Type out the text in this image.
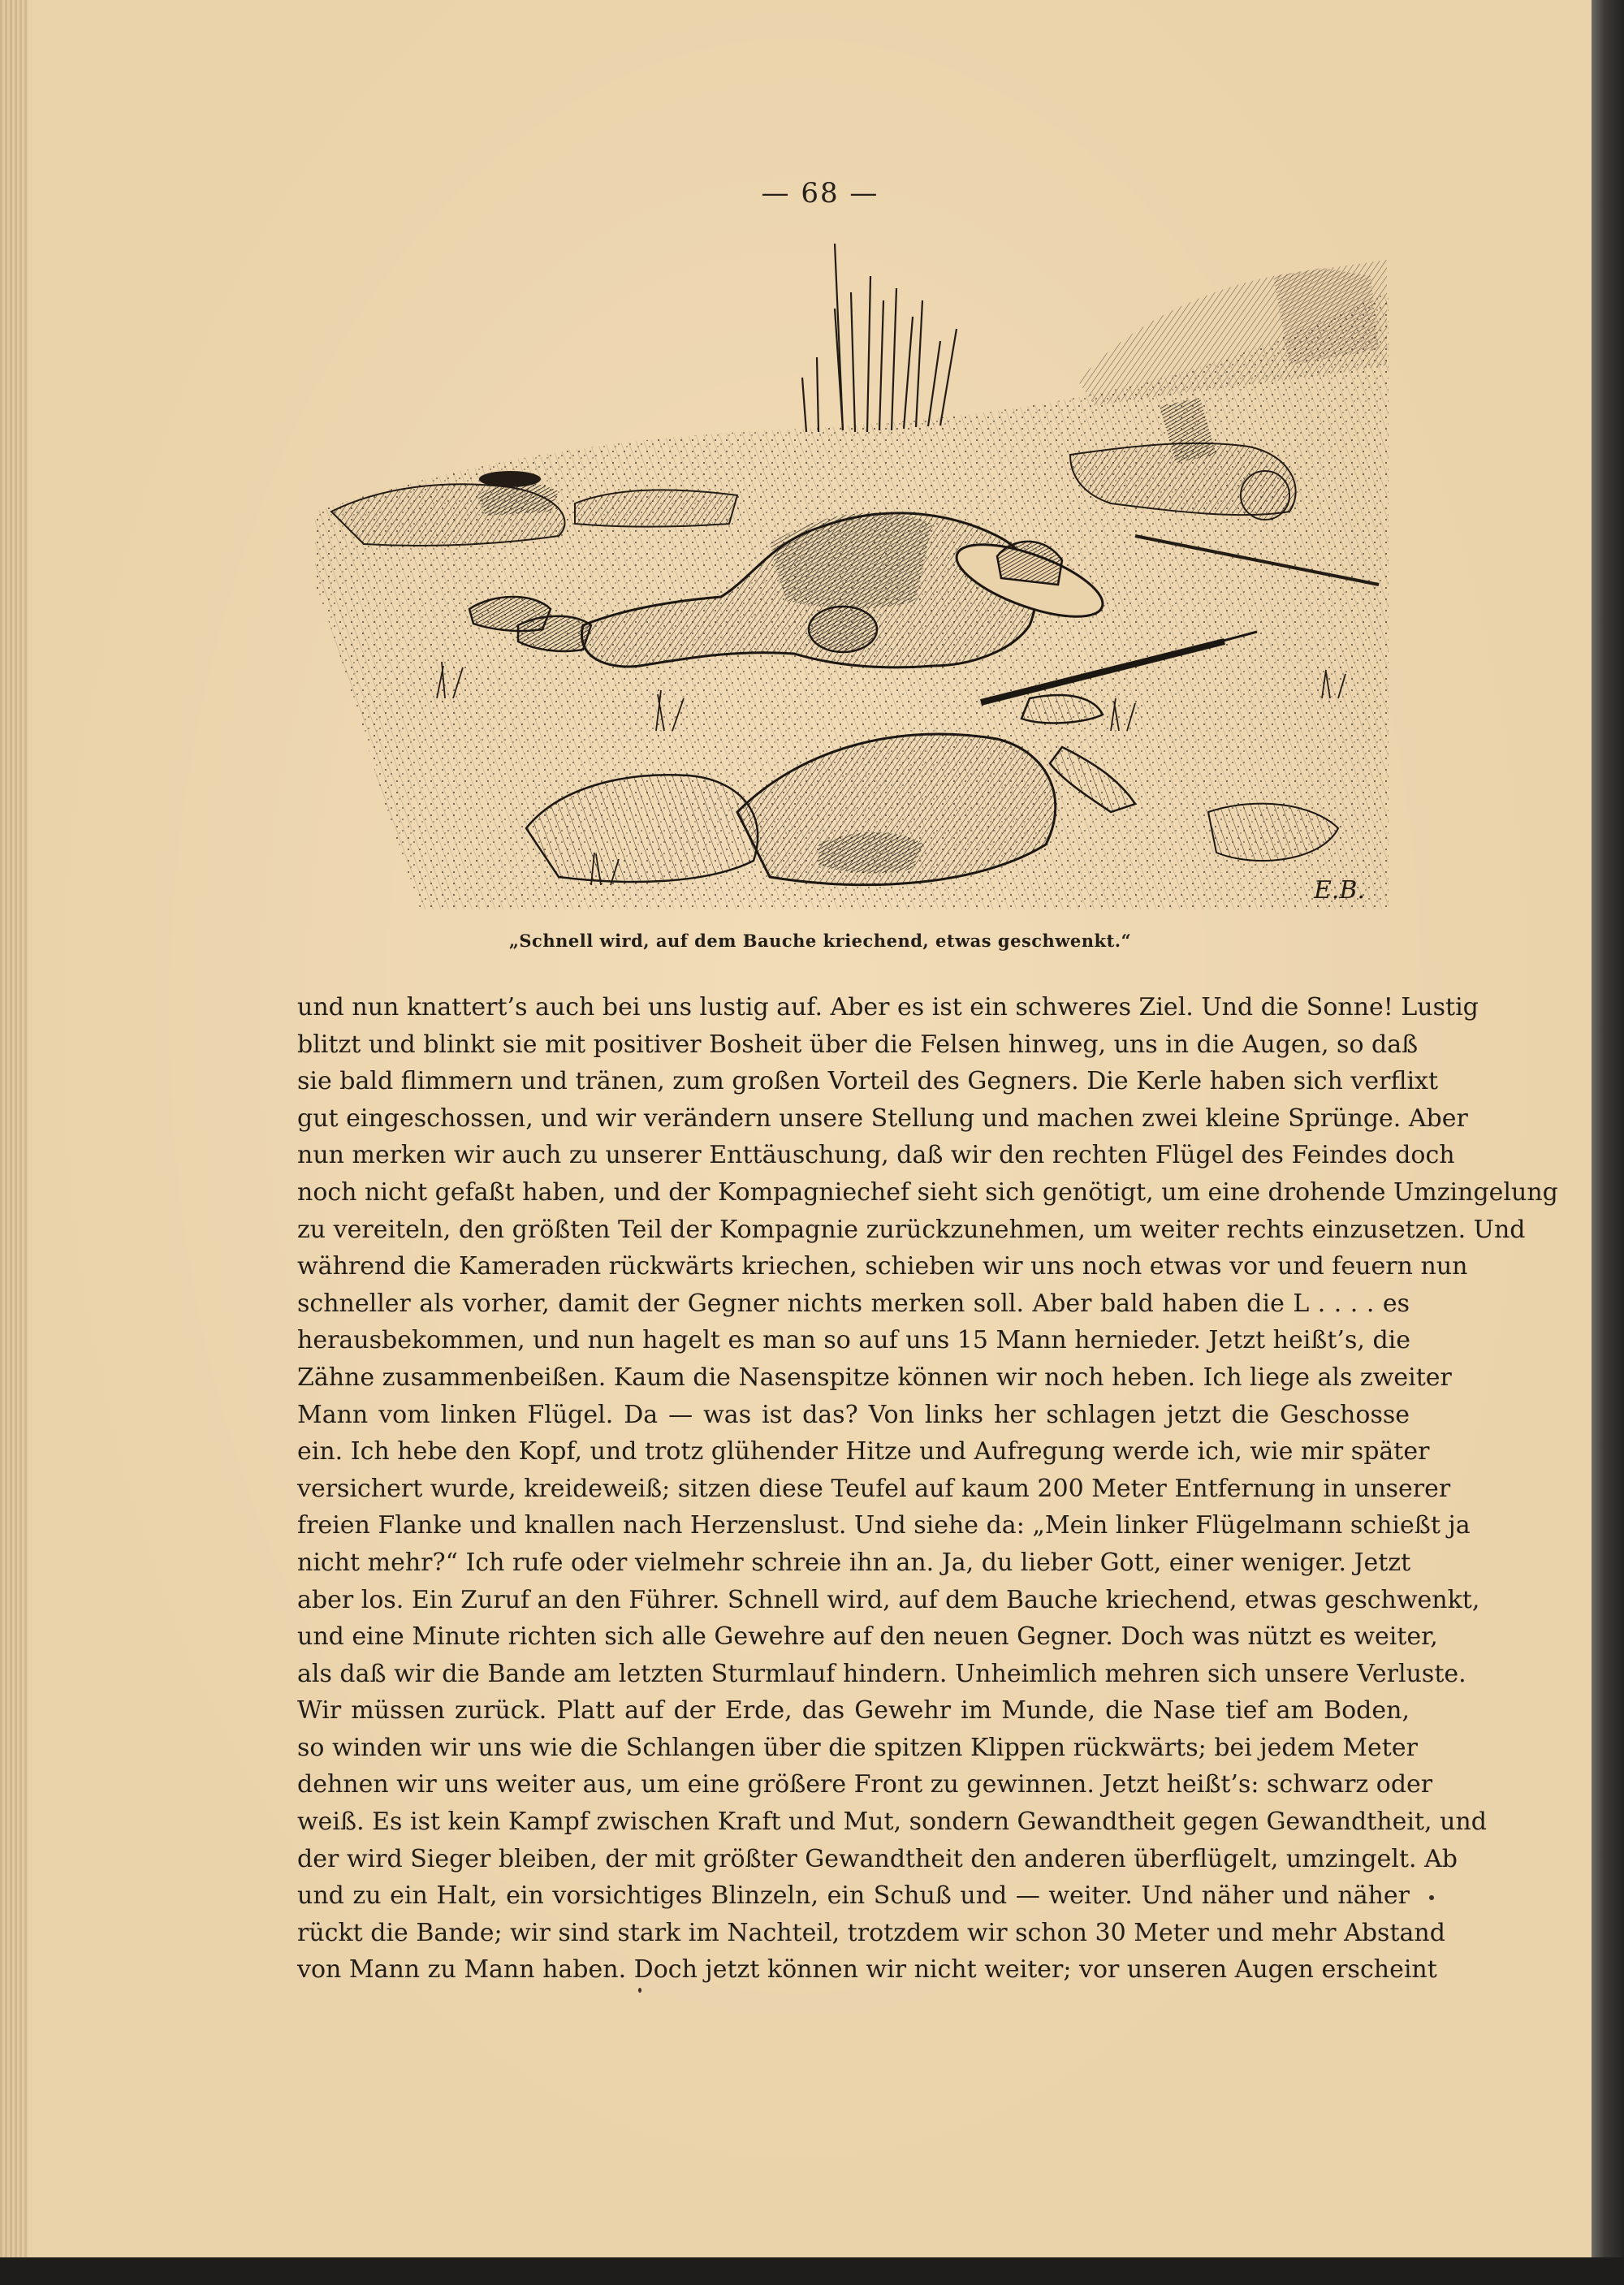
— 68 —
E.B.
„Schnell wird, auf dem Bauche kriechend, etwas geschwenkt.“
und nun knattert’s auch bei uns lustig auf. Aber es ist ein schweres Ziel. Und die Sonne! Lustig
blitzt und blinkt sie mit positiver Bosheit über die Felsen hinweg, uns in die Augen, so daß
sie bald flimmern und tränen, zum großen Vorteil des Gegners. Die Kerle haben sich verflixt
gut eingeschossen, und wir verändern unsere Stellung und machen zwei kleine Sprünge. Aber
nun merken wir auch zu unserer Enttäuschung, daß wir den rechten Flügel des Feindes doch
noch nicht gefaßt haben, und der Kompagniechef sieht sich genötigt, um eine drohende Umzingelung
zu vereiteln, den größten Teil der Kompagnie zurückzunehmen, um weiter rechts einzusetzen. Und
während die Kameraden rückwärts kriechen, schieben wir uns noch etwas vor und feuern nun
schneller als vorher, damit der Gegner nichts merken soll. Aber bald haben die L . . . . es
herausbekommen, und nun hagelt es man so auf uns 15 Mann hernieder. Jetzt heißt’s, die
Zähne zusammenbeißen. Kaum die Nasenspitze können wir noch heben. Ich liege als zweiter
Mann vom linken Flügel. Da — was ist das? Von links her schlagen jetzt die Geschosse
ein. Ich hebe den Kopf, und trotz glühender Hitze und Aufregung werde ich, wie mir später
versichert wurde, kreideweiß; sitzen diese Teufel auf kaum 200 Meter Entfernung in unserer
freien Flanke und knallen nach Herzenslust. Und siehe da: „Mein linker Flügelmann schießt ja
nicht mehr?“ Ich rufe oder vielmehr schreie ihn an. Ja, du lieber Gott, einer weniger. Jetzt
aber los. Ein Zuruf an den Führer. Schnell wird, auf dem Bauche kriechend, etwas geschwenkt,
und eine Minute richten sich alle Gewehre auf den neuen Gegner. Doch was nützt es weiter,
als daß wir die Bande am letzten Sturmlauf hindern. Unheimlich mehren sich unsere Verluste.
Wir müssen zurück. Platt auf der Erde, das Gewehr im Munde, die Nase tief am Boden,
so winden wir uns wie die Schlangen über die spitzen Klippen rückwärts; bei jedem Meter
dehnen wir uns weiter aus, um eine größere Front zu gewinnen. Jetzt heißt’s: schwarz oder
weiß. Es ist kein Kampf zwischen Kraft und Mut, sondern Gewandtheit gegen Gewandtheit, und
der wird Sieger bleiben, der mit größter Gewandtheit den anderen überflügelt, umzingelt. Ab
und zu ein Halt, ein vorsichtiges Blinzeln, ein Schuß und — weiter. Und näher und näher
rückt die Bande; wir sind stark im Nachteil, trotzdem wir schon 30 Meter und mehr Abstand
von Mann zu Mann haben. Doch jetzt können wir nicht weiter; vor unseren Augen erscheint
